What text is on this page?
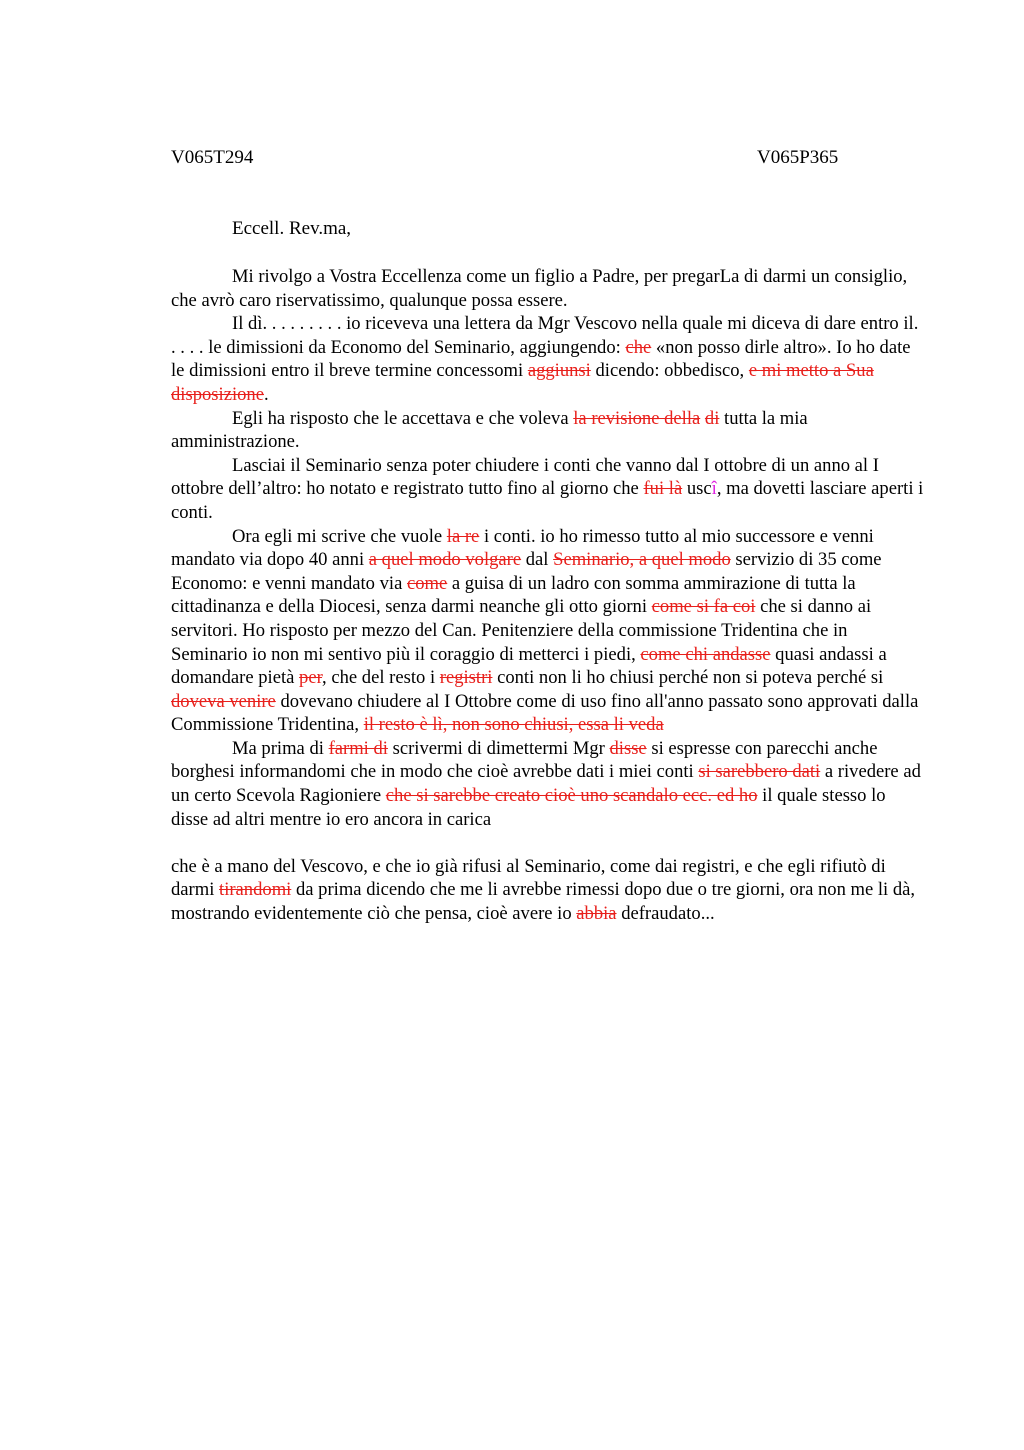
V065T294	V065P365
Eccell. Rev.ma,

Mi rivolgo a Vostra Eccellenza come un figlio a Padre, per pregarLa di darmi un consiglio, che avrò caro riservatissimo, qualunque possa essere.

Il dì. . . . . . . . . io riceveva una lettera da Mgr Vescovo nella quale mi diceva di dare entro il. . . . . le dimissioni da Economo del Seminario, aggiungendo: che «non posso dirle altro». Io ho date le dimissioni entro il breve termine concessomi aggiunsi dicendo: obbedisco, e mi metto a Sua disposizione.

Egli ha risposto che le accettava e che voleva la revisione della di tutta la mia amministrazione.

Lasciai il Seminario senza poter chiudere i conti che vanno dal I ottobre di un anno al I ottobre dell’altro: ho notato e registrato tutto fino al giorno che fui là uscî, ma dovetti lasciare aperti i conti.

Ora egli mi scrive che vuole la re i conti. io ho rimesso tutto al mio successore e venni mandato via dopo 40 anni a quel modo volgare dal Seminario, a quel modo servizio di 35 come Economo: e venni mandato via come a guisa di un ladro con somma ammirazione di tutta la cittadinanza e della Diocesi, senza darmi neanche gli otto giorni come si fa coi che si danno ai servitori. Ho risposto per mezzo del Can. Penitenziere della commissione Tridentina che in Seminario io non mi sentivo più il coraggio di metterci i piedi, come chi andasse quasi andassi a domandare pietà per, che del resto i registri conti non li ho chiusi perché non si poteva perché si doveva venire dovevano chiudere al I Ottobre come di uso fino all'anno passato sono approvati dalla Commissione Tridentina, il resto è lì, non sono chiusi, essa li veda

Ma prima di farmi di scrivermi di dimettermi Mgr disse si espresse con parecchi anche borghesi informandomi che in modo che cioè avrebbe dati i miei conti si sarebbero dati a rivedere ad un certo Scevola Ragioniere che si sarebbe creato cioè uno scandalo ecc. ed ho il quale stesso lo disse ad altri mentre io ero ancora in carica

che è a mano del Vescovo, e che io già rifusi al Seminario, come dai registri, e che egli rifiutò di darmi tirandomi da prima dicendo che me li avrebbe rimessi dopo due o tre giorni, ora non me li dà, mostrando evidentemente ciò che pensa, cioè avere io abbia defraudato...
